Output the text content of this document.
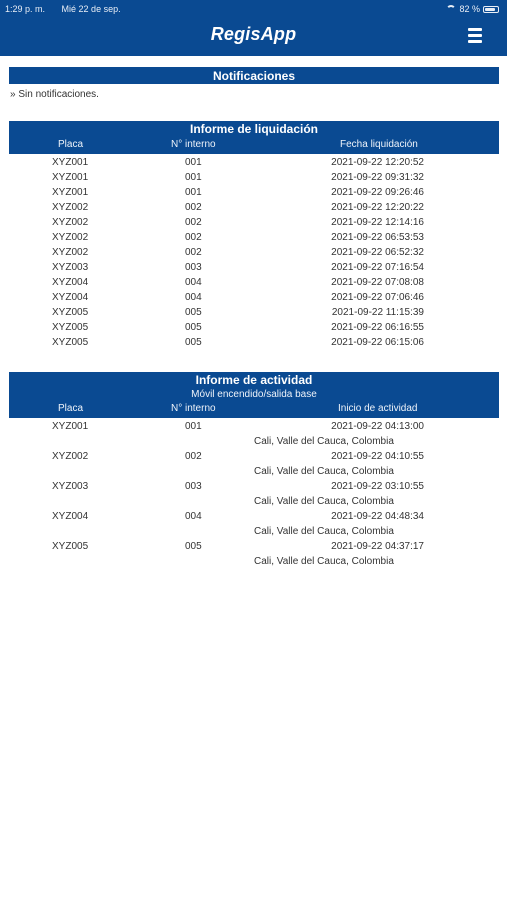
1:29 p. m. Mié 22 de sep.	82 %
RegisApp
Notificaciones
» Sin notificaciones.
Informe de liquidación
Placa	N° interno	Fecha liquidación
XYZ001	001	2021-09-22 12:20:52
XYZ001	001	2021-09-22 09:31:32
XYZ001	001	2021-09-22 09:26:46
XYZ002	002	2021-09-22 12:20:22
XYZ002	002	2021-09-22 12:14:16
XYZ002	002	2021-09-22 06:53:53
XYZ002	002	2021-09-22 06:52:32
XYZ003	003	2021-09-22 07:16:54
XYZ004	004	2021-09-22 07:08:08
XYZ004	004	2021-09-22 07:06:46
XYZ005	005	2021-09-22 11:15:39
XYZ005	005	2021-09-22 06:16:55
XYZ005	005	2021-09-22 06:15:06
Informe de actividad
Móvil encendido/salida base
Placa	N° interno	Inicio de actividad
XYZ001	001	2021-09-22 04:13:00
Cali, Valle del Cauca, Colombia
XYZ002	002	2021-09-22 04:10:55
Cali, Valle del Cauca, Colombia
XYZ003	003	2021-09-22 03:10:55
Cali, Valle del Cauca, Colombia
XYZ004	004	2021-09-22 04:48:34
Cali, Valle del Cauca, Colombia
XYZ005	005	2021-09-22 04:37:17
Cali, Valle del Cauca, Colombia
